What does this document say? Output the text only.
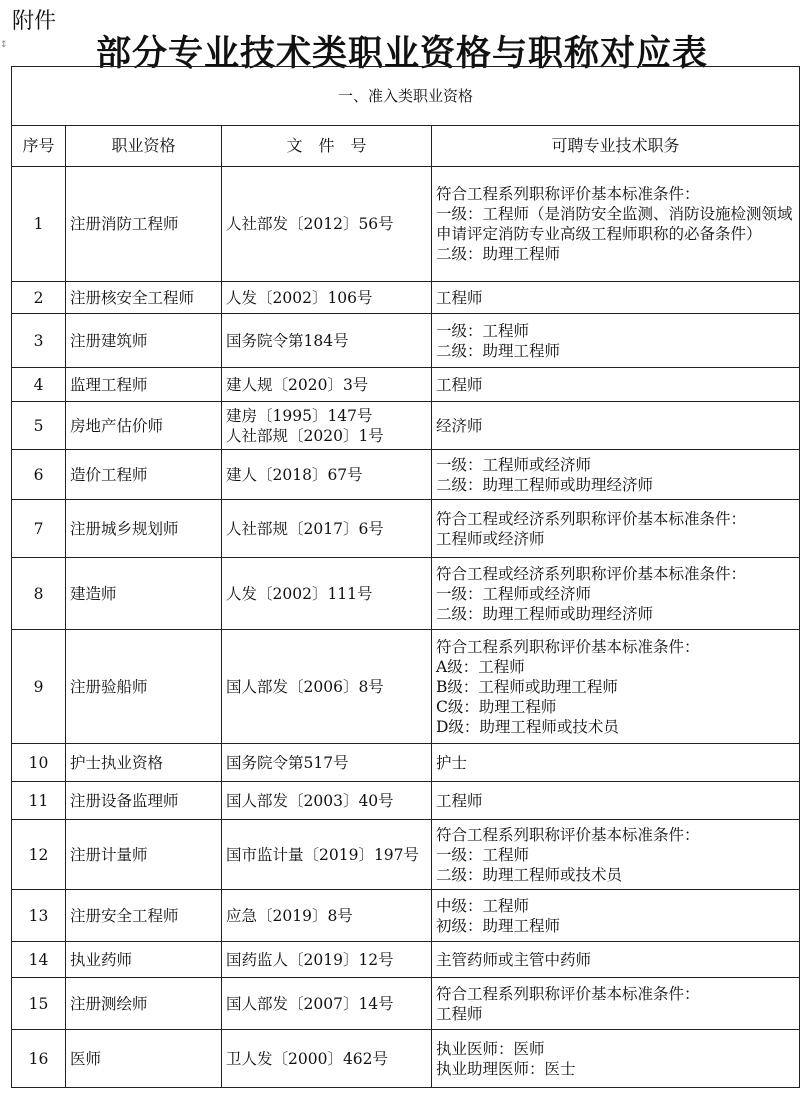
附件
部分专业技术类职业资格与职称对应表
↕
一、准入类职业资格			
序号	职业资格	文　件　号	可聘专业技术职务
1	注册消防工程师	人社部发〔2012〕56号	符合工程系列职称评价基本标准条件：
一级：工程师（是消防安全监测、消防设施检测领域申请评定消防专业高级工程师职称的必备条件）
二级：助理工程师

2	注册核安全工程师	人发〔2002〕106号	工程师

3	注册建筑师	国务院令第184号	一级：工程师
二级：助理工程师

4	监理工程师	建人规〔2020〕3号	工程师

5	房地产估价师	建房〔1995〕147号
人社部规〔2020〕1号	经济师

6	造价工程师	建人〔2018〕67号	一级：工程师或经济师
二级：助理工程师或助理经济师

7	注册城乡规划师	人社部规〔2017〕6号	符合工程或经济系列职称评价基本标准条件：
工程师或经济师

8	建造师	人发〔2002〕111号	符合工程或经济系列职称评价基本标准条件：
一级：工程师或经济师
二级：助理工程师或助理经济师

9	注册验船师	国人部发〔2006〕8号	符合工程系列职称评价基本标准条件：
A级：工程师
B级：工程师或助理工程师
C级：助理工程师
D级：助理工程师或技术员

10	护士执业资格	国务院令第517号	护士

11	注册设备监理师	国人部发〔2003〕40号	工程师

12	注册计量师	国市监计量〔2019〕197号	符合工程系列职称评价基本标准条件：
一级：工程师
二级：助理工程师或技术员

13	注册安全工程师	应急〔2019〕8号	中级：工程师
初级：助理工程师

14	执业药师	国药监人〔2019〕12号	主管药师或主管中药师

15	注册测绘师	国人部发〔2007〕14号	符合工程系列职称评价基本标准条件：
工程师

16	医师	卫人发〔2000〕462号	执业医师：医师
执业助理医师：医士
